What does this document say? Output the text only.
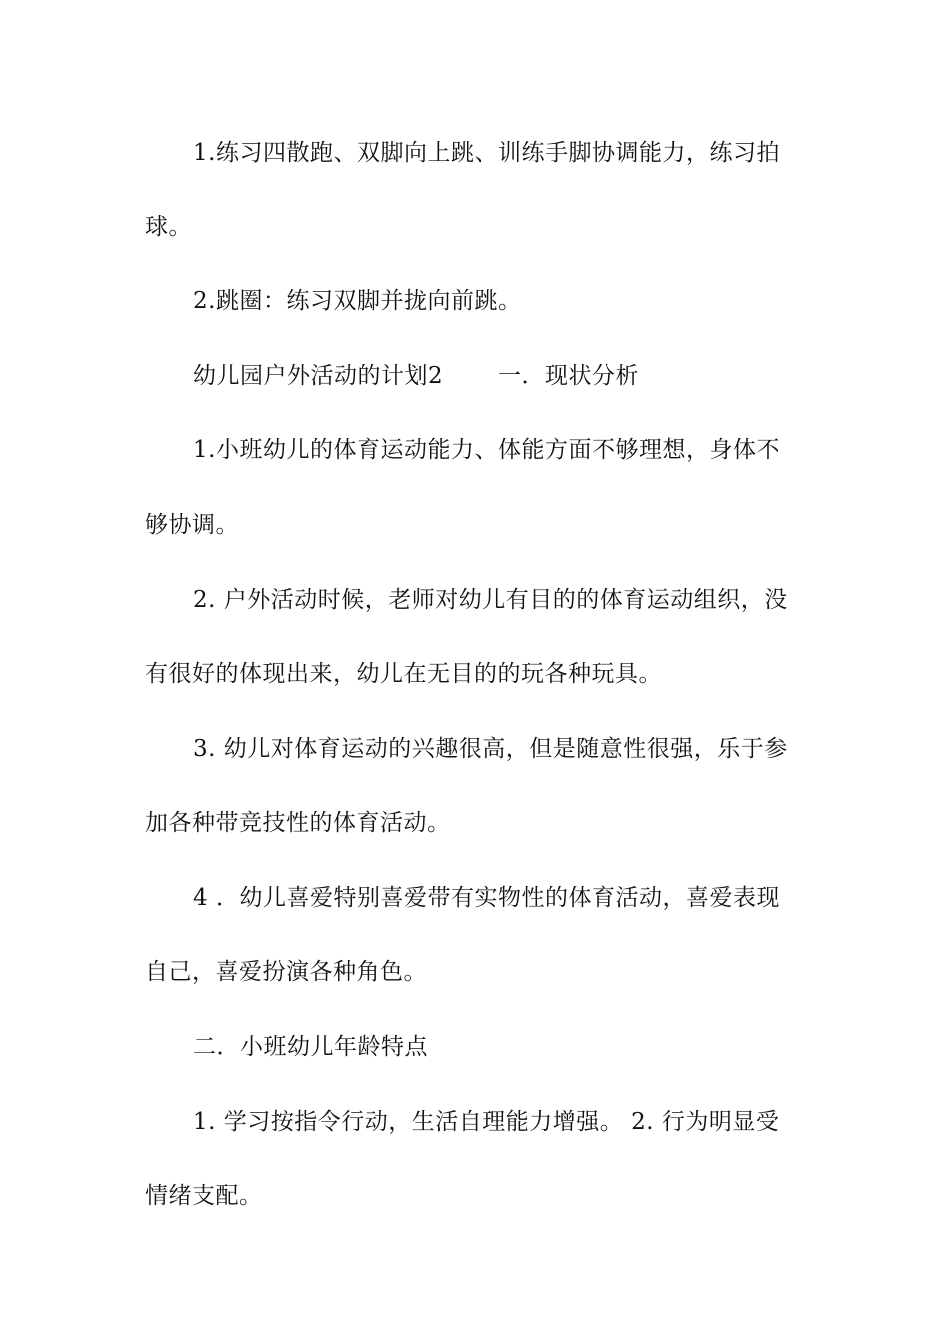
1.练习四散跑、双脚向上跳、训练手脚协调能力，练习拍
球。
2.跳圈：练习双脚并拢向前跳。
幼儿园户外活动的计划2　　 一．现状分析
1.小班幼儿的体育运动能力、体能方面不够理想，身体不
够协调。
2. 户外活动时候，老师对幼儿有目的的体育运动组织，没
有很好的体现出来，幼儿在无目的的玩各种玩具。
3. 幼儿对体育运动的兴趣很高，但是随意性很强，乐于参
加各种带竞技性的体育活动。
4 ．幼儿喜爱特别喜爱带有实物性的体育活动，喜爱表现
自己，喜爱扮演各种角色。
二．小班幼儿年龄特点
1. 学习按指令行动，生活自理能力增强。 2. 行为明显受
情绪支配。
